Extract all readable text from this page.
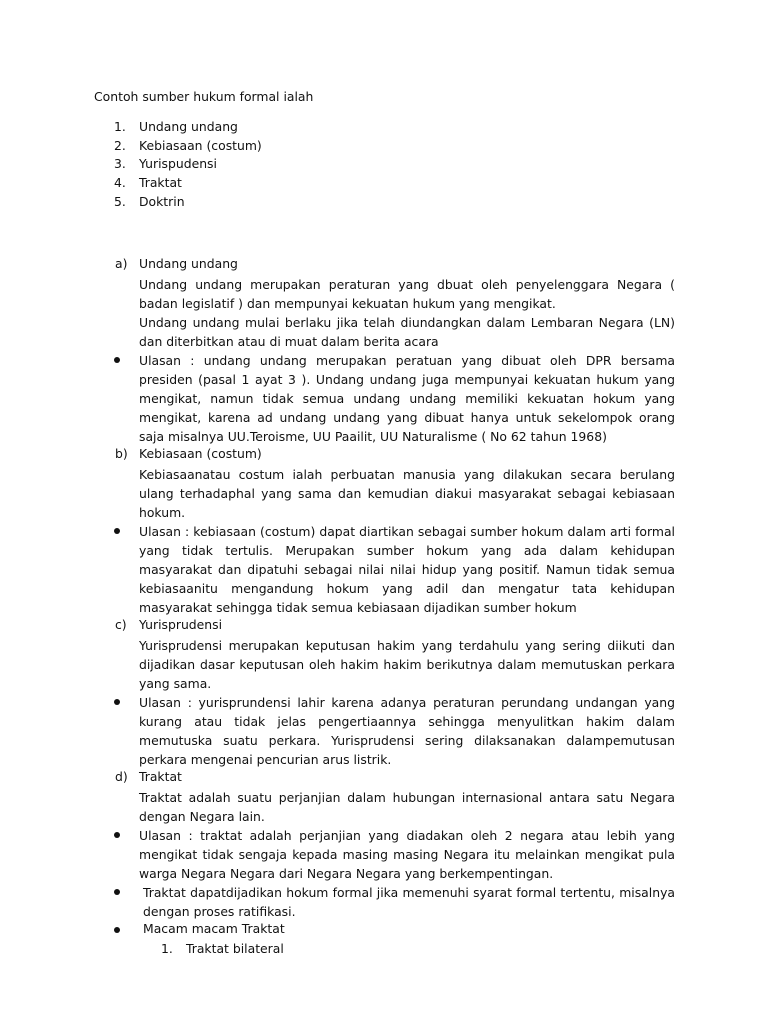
Contoh sumber hukum formal ialah
1. Undang undang
2. Kebiasaan (costum)
3. Yurispudensi
4. Traktat
5. Doktrin
a) Undang undang
Undang undang merupakan peraturan yang dbuat oleh penyelenggara Negara ( badan legislatif ) dan mempunyai kekuatan hukum yang mengikat.
Undang undang mulai berlaku jika telah diundangkan dalam Lembaran Negara (LN) dan diterbitkan atau di muat dalam berita acara
Ulasan : undang undang merupakan peratuan yang dibuat oleh DPR bersama presiden (pasal 1 ayat 3 ). Undang undang juga mempunyai kekuatan hukum yang mengikat, namun tidak semua undang undang memiliki kekuatan hokum yang mengikat, karena ad undang undang yang dibuat hanya untuk sekelompok orang saja misalnya UU.Teroisme, UU Paailit, UU Naturalisme ( No 62 tahun 1968)
b) Kebiasaan (costum)
Kebiasaanatau costum ialah perbuatan manusia yang dilakukan secara berulang ulang terhadaphal yang sama dan kemudian diakui masyarakat sebagai kebiasaan hokum.
Ulasan : kebiasaan (costum) dapat diartikan sebagai sumber hokum dalam arti formal yang tidak tertulis. Merupakan sumber hokum yang ada dalam kehidupan masyarakat dan dipatuhi sebagai nilai nilai hidup yang positif. Namun tidak semua kebiasaanitu mengandung hokum yang adil dan mengatur tata kehidupan masyarakat sehingga tidak semua kebiasaan dijadikan sumber hokum
c) Yurisprudensi
Yurisprudensi merupakan keputusan hakim yang terdahulu yang sering diikuti dan dijadikan dasar keputusan oleh hakim hakim berikutnya dalam memutuskan perkara yang sama.
Ulasan : yurisprundensi lahir karena adanya peraturan perundang undangan yang kurang atau tidak jelas pengertiaannya sehingga menyulitkan hakim dalam memutuska suatu perkara. Yurisprudensi sering dilaksanakan dalampemutusan perkara mengenai pencurian arus listrik.
d) Traktat
Traktat adalah suatu perjanjian dalam hubungan internasional antara satu Negara dengan Negara lain.
Ulasan : traktat adalah perjanjian yang diadakan oleh 2 negara atau lebih yang mengikat tidak sengaja kepada masing masing Negara itu melainkan mengikat pula warga Negara Negara dari Negara Negara yang berkempentingan.
Traktat dapatdijadikan hokum formal jika memenuhi syarat formal tertentu, misalnya dengan proses ratifikasi.
Macam macam Traktat
1. Traktat bilateral
